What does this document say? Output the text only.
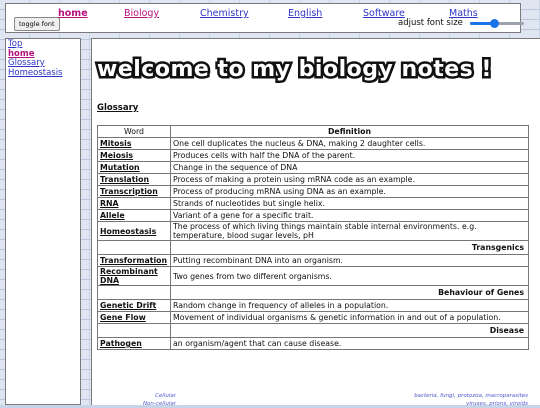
toggle font
home	Biology	Chemistry	English	Software	Maths
adjust font size
Top
home
Glossary
Homeostasis	welcome to my biology notes !
Glossary
Word	Definition
Mitosis	One cell duplicates the nucleus & DNA, making 2 daughter cells.
Meiosis	Produces cells with half the DNA of the parent.
Mutation	Change in the sequence of DNA
Translation	Process of making a protein using mRNA code as an example.
Transcription	Process of producing mRNA using DNA as an example.
RNA	Strands of nucleotides but single helix.
Allele	Variant of a gene for a specific trait.
Homeostasis	The process of which living things maintain stable internal environments. e.g. temperature, blood sugar levels, pH
	Transgenics
Transformation	Putting recombinant DNA into an organism.
Recombinant DNA	Two genes from two different organisms.
	Behaviour of Genes
Genetic Drift	Random change in frequency of alleles in a population.
Gene Flow	Movement of individual organisms & genetic information in and out of a population.
	Disease
Pathogen	an organism/agent that can cause disease.
Cellular	bacteria, fungi, protozoa, macroparasites
Non-cellular	viruses, prions, viroids
